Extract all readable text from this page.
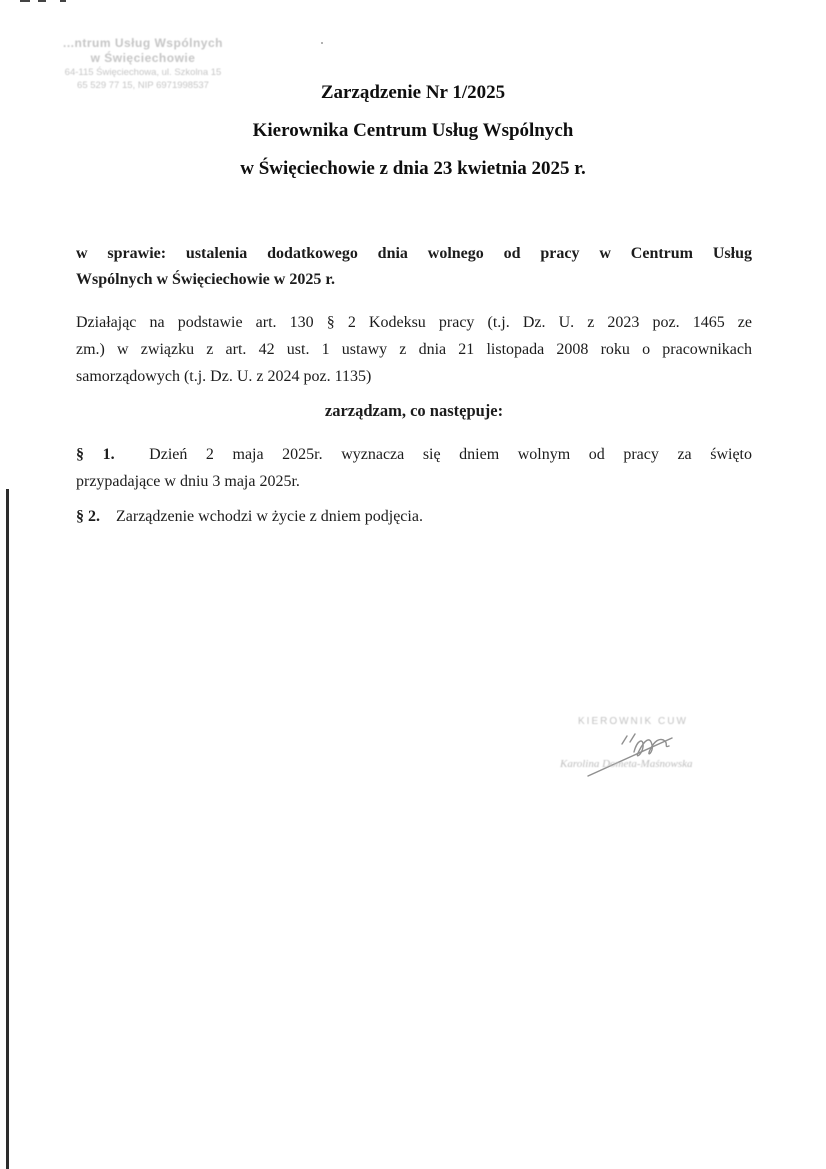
...ntrum Usług Wspólnych
w Święciechowie
64-115 Święciechowa, ul. Szkolna 15
65 529 77 15, NIP 6971998537	Zarządzenie Nr 1/2025
Kierownika Centrum Usług Wspólnych
w Święciechowie z dnia 23 kwietnia 2025 r.
w sprawie: ustalenia dodatkowego dnia wolnego od pracy w Centrum Usług
Wspólnych w Święciechowie w 2025 r.
Działając na podstawie art. 130 § 2 Kodeksu pracy (t.j. Dz. U. z 2023 poz. 1465 ze
zm.) w związku z art. 42 ust. 1 ustawy z dnia 21 listopada 2008 roku o pracownikach
samorządowych (t.j. Dz. U. z 2024 poz. 1135)
zarządzam, co następuje:
§ 1. Dzień 2 maja 2025r. wyznacza się dniem wolnym od pracy za święto
przypadające w dniu 3 maja 2025r.
§ 2. Zarządzenie wchodzi w życie z dniem podjęcia.
KIEROWNIK CUW
Karolina Dometa-Maśnowska
